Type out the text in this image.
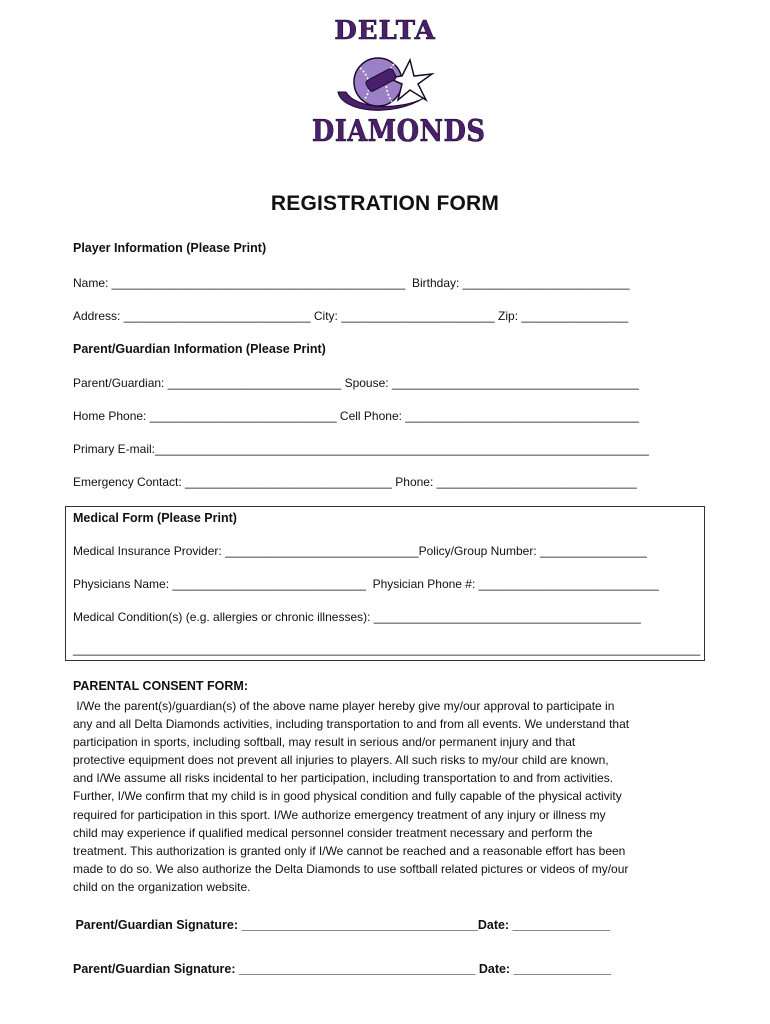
DELTA
DIAMONDS
REGISTRATION FORM
Player Information (Please Print)
Name: ____________________________________________  Birthday: _________________________
Address: ____________________________ City: _______________________ Zip: ________________
Parent/Guardian Information (Please Print)
Parent/Guardian: __________________________ Spouse: _____________________________________
Home Phone: ____________________________ Cell Phone: ___________________________________
Primary E-mail:__________________________________________________________________________
Emergency Contact: _______________________________ Phone: ______________________________
Medical Form (Please Print)
Medical Insurance Provider: _____________________________Policy/Group Number: ________________
Physicians Name: _____________________________  Physician Phone #: ___________________________
Medical Condition(s) (e.g. allergies or chronic illnesses): ________________________________________
______________________________________________________________________________________________
PARENTAL CONSENT FORM:

I/We the parent(s)/guardian(s) of the above name player hereby give my/our approval to participate in

any and all Delta Diamonds activities, including transportation to and from all events. We understand that

participation in sports, including softball, may result in serious and/or permanent injury and that

protective equipment does not prevent all injuries to players. All such risks to my/our child are known,

and I/We assume all risks incidental to her participation, including transportation to and from activities.

Further, I/We confirm that my child is in good physical condition and fully capable of the physical activity

required for participation in this sport. I/We authorize emergency treatment of any injury or illness my

child may experience if qualified medical personnel consider treatment necessary and perform the

treatment. This authorization is granted only if I/We cannot be reached and a reasonable effort has been

made to do so. We also authorize the Delta Diamonds to use softball related pictures or videos of my/our

child on the organization website.

Parent/Guardian Signature: __________________________________Date: ______________
Parent/Guardian Signature: __________________________________ Date: ______________
